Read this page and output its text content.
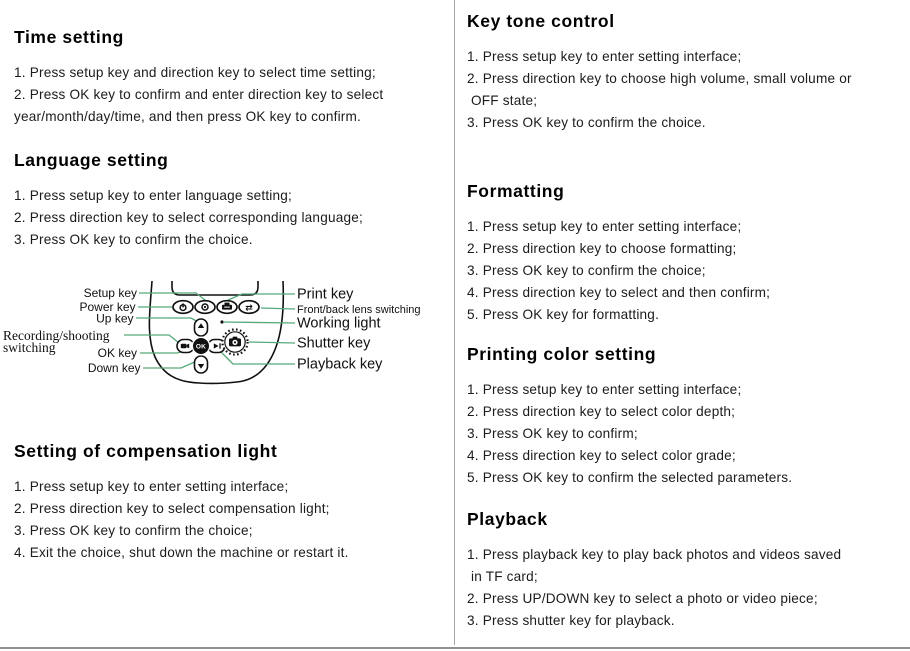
Time setting
1. Press setup key and direction key to select time setting;
2. Press OK key to confirm and enter direction key to select
year/month/day/time, and then press OK key to confirm.
Language setting
1. Press setup key to enter language setting;
2. Press direction key to select corresponding language;
3. Press OK key to confirm the choice.
Setting of compensation light
1. Press setup key to enter setting interface;
2. Press direction key to select compensation light;
3. Press OK key to confirm the choice;
4. Exit the choice, shut down the machine or restart it.
Key tone control
1. Press setup key to enter setting interface;
2. Press direction key to choose high volume, small volume or
OFF state;
3. Press OK key to confirm the choice.
Formatting
1. Press setup key to enter setting interface;
2. Press direction key to choose formatting;
3. Press OK key to confirm the choice;
4. Press direction key to select and then confirm;
5. Press OK key for formatting.
Printing color setting
1. Press setup key to enter setting interface;
2. Press direction key to select color depth;
3. Press OK key to confirm;
4. Press direction key to select color grade;
5. Press OK key to confirm the selected parameters.
Playback
1. Press playback key to play back photos and videos saved
in TF card;
2. Press UP/DOWN key to select a photo or video piece;
3. Press shutter key for playback.
⇄
OK
Setup key
Power key
Up key
Recording/shooting
switching	OK key
Down key
Print key
Front/back lens switching
Working light
Shutter key
Playback key
